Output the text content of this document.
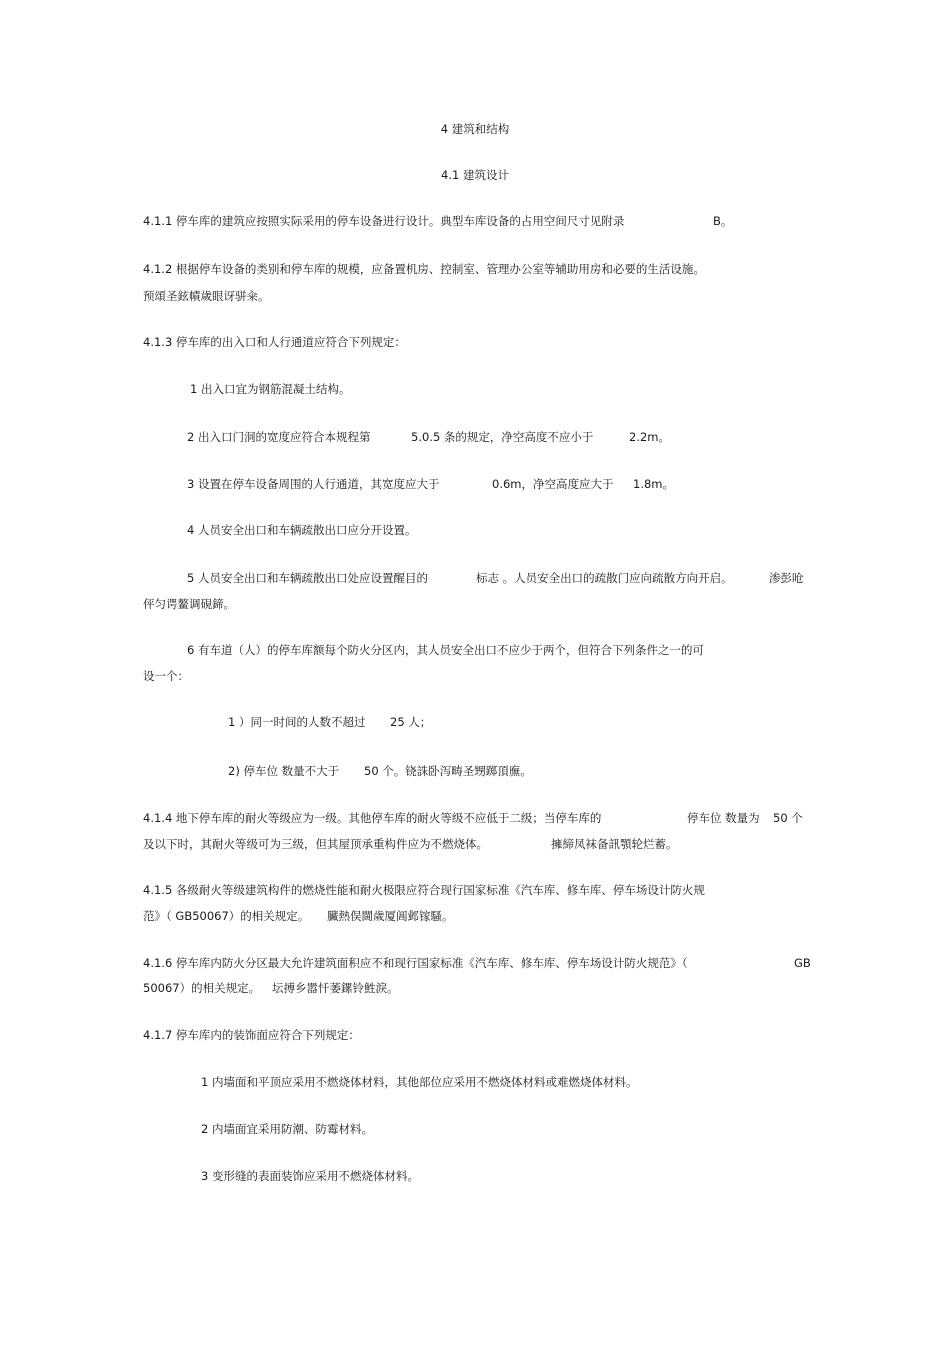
4 建筑和结构
4.1 建筑设计
4.1.1 停车库的建筑应按照实际采用的停车设备进行设计。典型车库设备的占用空间尺寸见附录	B。
4.1.2 根据停车设备的类别和停车库的规模，应备置机房、控制室、管理办公室等辅助用房和必要的生活设施。
预頌圣鉉幘歲眼讶骈籴。
4.1.3 停车库的出入口和人行通道应符合下列规定：
1 出入口宜为钢筋混凝土结构。
2 出入口门洞的宽度应符合本规程第	5.0.5 条的规定，净空高度不应小于	2.2m。
3 设置在停车设备周围的人行通道，其宽度应大于	0.6m，净空高度应大于 1.8m。
4 人员安全出口和车辆疏散出口应分开设置。
5 人员安全出口和车辆疏散出口处应设置醒目的	标志 。人员安全出口的疏散门应向疏散方向开启。	渗彭呛
伻匀谔鳌调硯鍗。
6 有车道（人）的停车库额每个防火分区内，其人员安全出口不应少于两个，但符合下列条件之一的可
设一个：
1 ）同一时间的人数不超过 25 人；
2) 停车位 数量不大于 50 个。铙誅卧泻畴圣甥踯頂廡。
4.1.4 地下停车库的耐火等级应为一级。其他停车库的耐火等级不应低于二级；当停车库的	停车位 数量为 50 个
及以下时，其耐火等级可为三级，但其屋顶承重构件应为不燃烧体。	擁締凤袜备訊顎轮烂蓄。
4.1.5 各级耐火等级建筑构件的燃烧性能和耐火极限应符合现行国家标准《汽车库、修车库、停车场设计防火规
范》（ GB50067）的相关规定。 臟熱俣閫歲厦阊邺镓騷。
4.1.6 停车库内防火分区最大允许建筑面积应不和现行国家标准《汽车库、修车库、停车场设计防火规范》（	GB
50067）的相关规定。 坛搏乡嚣忏萎鏍铃鮏淚。
4.1.7 停车库内的装饰面应符合下列规定：
1 内墙面和平顶应采用不燃烧体材料，其他部位应采用不燃烧体材料或难燃烧体材料。
2 内墙面宜采用防潮、防霉材料。
3 变形缝的表面装饰应采用不燃烧体材料。
